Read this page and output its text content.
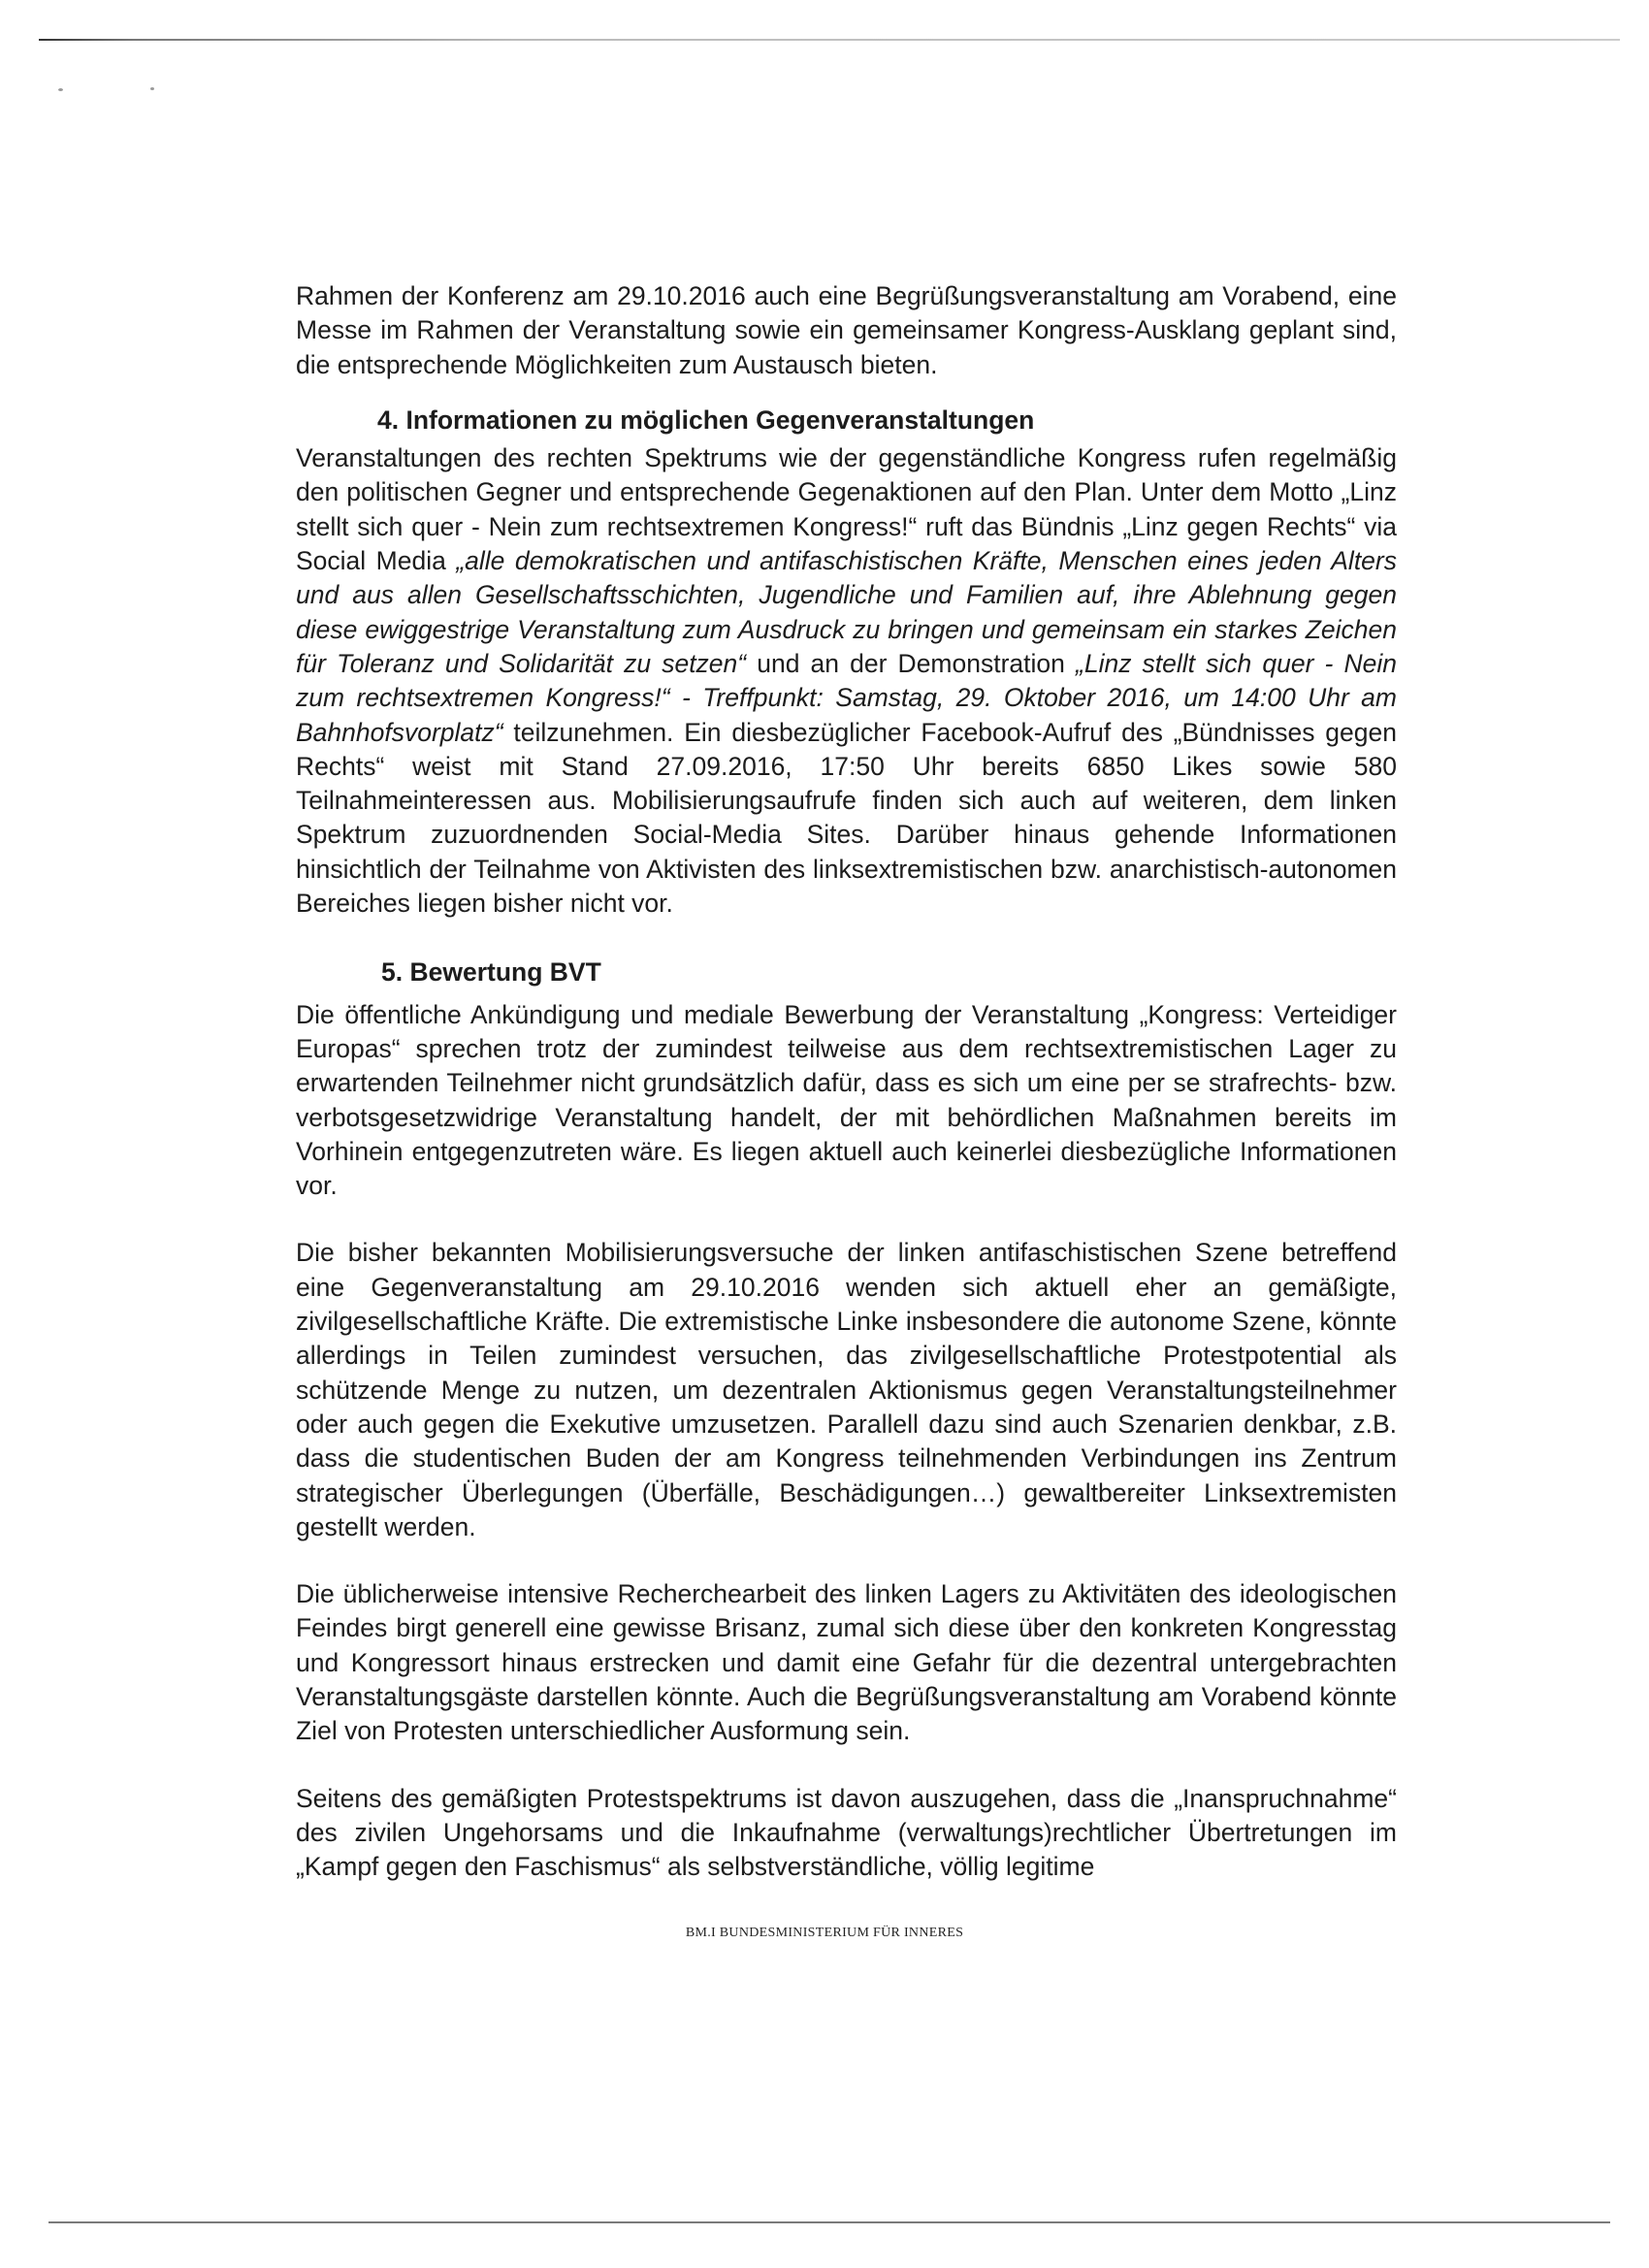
Rahmen der Konferenz am 29.10.2016 auch eine Begrüßungsveranstaltung am Vorabend, eine Messe im Rahmen der Veranstaltung sowie ein gemeinsamer Kongress-Ausklang geplant sind, die entsprechende Möglichkeiten zum Austausch bieten.

4. Informationen zu möglichen Gegenveranstaltungen

Veranstaltungen des rechten Spektrums wie der gegenständliche Kongress rufen regelmäßig den politischen Gegner und entsprechende Gegenaktionen auf den Plan. Unter dem Motto „Linz stellt sich quer - Nein zum rechtsextremen Kongress!“ ruft das Bündnis „Linz gegen Rechts“ via Social Media „alle demokratischen und antifaschistischen Kräfte, Menschen eines jeden Alters und aus allen Gesellschaftsschichten, Jugendliche und Familien auf, ihre Ablehnung gegen diese ewiggestrige Veranstaltung zum Ausdruck zu bringen und gemeinsam ein starkes Zeichen für Toleranz und Solidarität zu setzen“ und an der Demonstration „Linz stellt sich quer - Nein zum rechtsextremen Kongress!“ - Treffpunkt: Samstag, 29. Oktober 2016, um 14:00 Uhr am Bahnhofsvorplatz“ teilzunehmen. Ein diesbezüglicher Facebook-Aufruf des „Bündnisses gegen Rechts“ weist mit Stand 27.09.2016, 17:50 Uhr bereits 6850 Likes sowie 580 Teilnahmeinteressen aus. Mobilisierungsaufrufe finden sich auch auf weiteren, dem linken Spektrum zuzuordnenden Social-Media Sites. Darüber hinaus gehende Informationen hinsichtlich der Teilnahme von Aktivisten des linksextremistischen bzw. anarchistisch-autonomen Bereiches liegen bisher nicht vor.

5. Bewertung BVT

Die öffentliche Ankündigung und mediale Bewerbung der Veranstaltung „Kongress: Verteidiger Europas“ sprechen trotz der zumindest teilweise aus dem rechtsextremistischen Lager zu erwartenden Teilnehmer nicht grundsätzlich dafür, dass es sich um eine per se strafrechts- bzw. verbotsgesetzwidrige Veranstaltung handelt, der mit behördlichen Maßnahmen bereits im Vorhinein entgegenzutreten wäre. Es liegen aktuell auch keinerlei diesbezügliche Informationen vor.

Die bisher bekannten Mobilisierungsversuche der linken antifaschistischen Szene betreffend eine Gegenveranstaltung am 29.10.2016 wenden sich aktuell eher an gemäßigte, zivilgesellschaftliche Kräfte. Die extremistische Linke insbesondere die autonome Szene, könnte allerdings in Teilen zumindest versuchen, das zivilgesellschaftliche Protestpotential als schützende Menge zu nutzen, um dezentralen Aktionismus gegen Veranstaltungsteilnehmer oder auch gegen die Exekutive umzusetzen. Parallell dazu sind auch Szenarien denkbar, z.B. dass die studentischen Buden der am Kongress teilnehmenden Verbindungen ins Zentrum strategischer Überlegungen (Überfälle, Beschädigungen…) gewaltbereiter Linksextremisten gestellt werden.

Die üblicherweise intensive Recherchearbeit des linken Lagers zu Aktivitäten des ideologischen Feindes birgt generell eine gewisse Brisanz, zumal sich diese über den konkreten Kongresstag und Kongressort hinaus erstrecken und damit eine Gefahr für die dezentral untergebrachten Veranstaltungsgäste darstellen könnte. Auch die Begrüßungsveranstaltung am Vorabend könnte Ziel von Protesten unterschiedlicher Ausformung sein.

Seitens des gemäßigten Protestspektrums ist davon auszugehen, dass die „Inanspruchnahme“ des zivilen Ungehorsams und die Inkaufnahme (verwaltungs)rechtlicher Übertretungen im „Kampf gegen den Faschismus“ als selbstverständliche, völlig legitime

BM.I BUNDESMINISTERIUM FÜR INNERES
